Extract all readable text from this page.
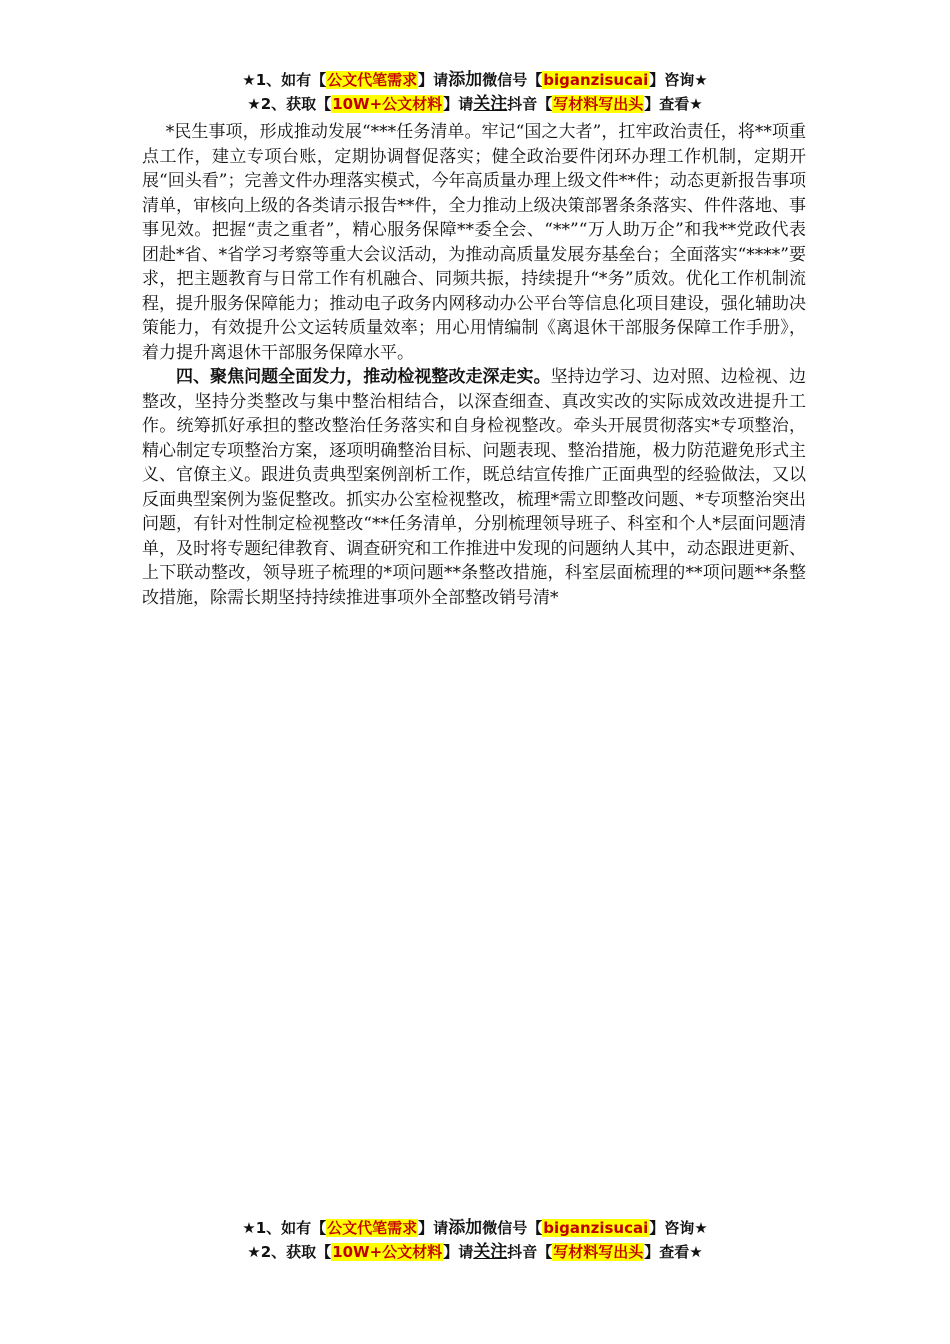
★1、如有【公文代笔需求】请添加微信号【biganzisucai】咨询★
★2、获取【10W+公文材料】请关注抖音【写材料写出头】查看★

*民生事项，形成推动发展“***任务清单。牢记“国之大者”，扛牢政治责任，将**项重点工作，建立专项台账，定期协调督促落实；健全政治要件闭环办理工作机制，定期开展“回头看”；完善文件办理落实模式，今年高质量办理上级文件**件；动态更新报告事项清单，审核向上级的各类请示报告**件，全力推动上级决策部署条条落实、件件落地、事事见效。把握“责之重者”，精心服务保障**委全会、“**”“万人助万企”和我**党政代表团赴*省、*省学习考察等重大会议活动，为推动高质量发展夯基垒台；全面落实“****”要求，把主题教育与日常工作有机融合、同频共振，持续提升“*务”质效。优化工作机制流程，提升服务保障能力；推动电子政务内网移动办公平台等信息化项目建设，强化辅助决策能力，有效提升公文运转质量效率；用心用情编制《离退休干部服务保障工作手册》，着力提升离退休干部服务保障水平。

四、聚焦问题全面发力，推动检视整改走深走实。坚持边学习、边对照、边检视、边整改，坚持分类整改与集中整治相结合，以深查细查、真改实改的实际成效改进提升工作。统筹抓好承担的整改整治任务落实和自身检视整改。牵头开展贯彻落实*专项整治，精心制定专项整治方案，逐项明确整治目标、问题表现、整治措施，极力防范避免形式主义、官僚主义。跟进负责典型案例剖析工作，既总结宣传推广正面典型的经验做法，又以反面典型案例为鉴促整改。抓实办公室检视整改，梳理*需立即整改问题、*专项整治突出问题，有针对性制定检视整改“**任务清单，分别梳理领导班子、科室和个人*层面问题清单，及时将专题纪律教育、调查研究和工作推进中发现的问题纳人其中，动态跟进更新、上下联动整改，领导班子梳理的*项问题**条整改措施，科室层面梳理的**项问题**条整改措施，除需长期坚持持续推进事项外全部整改销号清*

★1、如有【公文代笔需求】请添加微信号【biganzisucai】咨询★
★2、获取【10W+公文材料】请关注抖音【写材料写出头】查看★
